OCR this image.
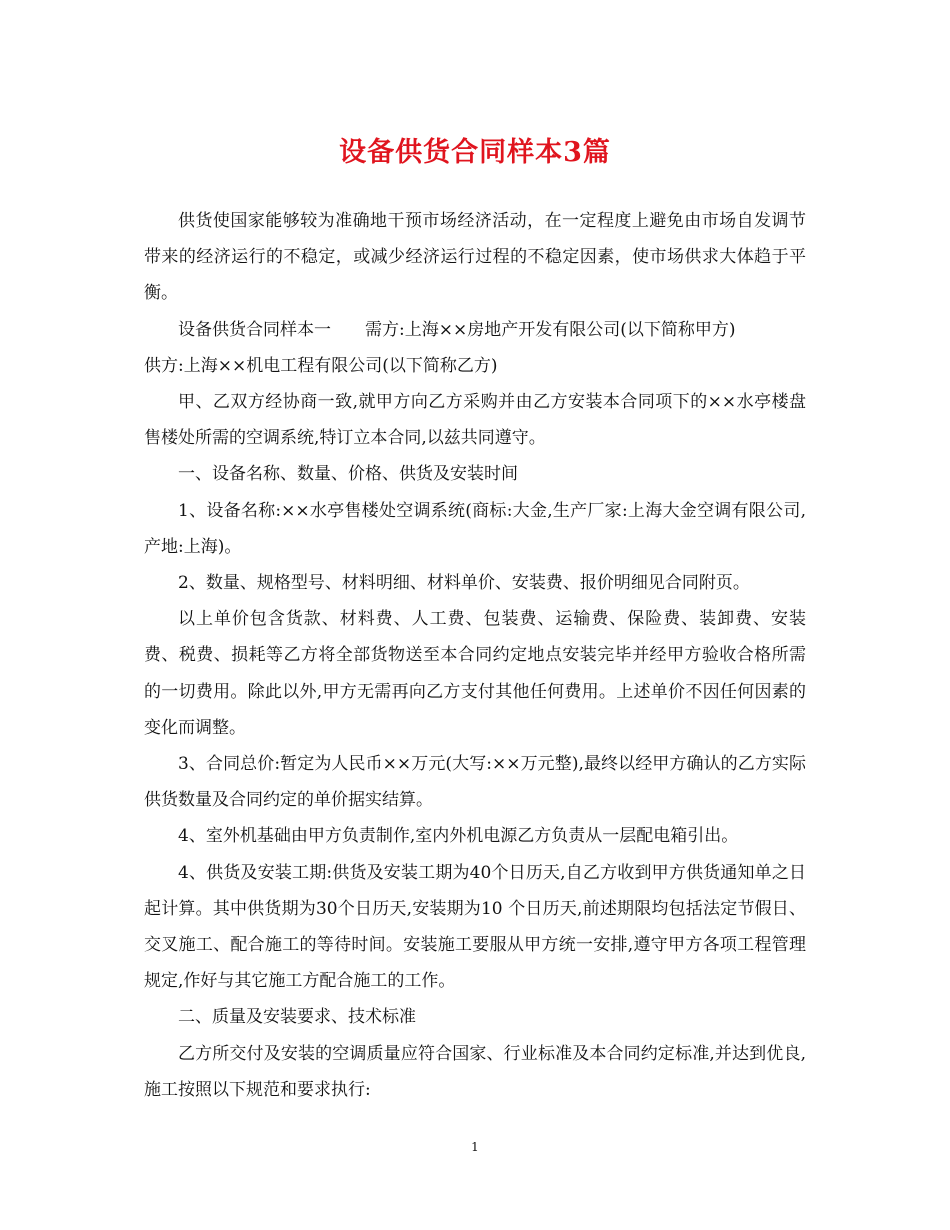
设备供货合同样本3篇

供货使国家能够较为准确地干预市场经济活动，在一定程度上避免由市场自发调节带来的经济运行的不稳定，或减少经济运行过程的不稳定因素，使市场供求大体趋于平衡。

设备供货合同样本一　　需方:上海××房地产开发有限公司(以下简称甲方)

供方:上海××机电工程有限公司(以下简称乙方)

甲、乙双方经协商一致,就甲方向乙方采购并由乙方安装本合同项下的××水亭楼盘售楼处所需的空调系统,特订立本合同,以兹共同遵守。

一、设备名称、数量、价格、供货及安装时间

1、设备名称:××水亭售楼处空调系统(商标:大金,生产厂家:上海大金空调有限公司,产地:上海)。

2、数量、规格型号、材料明细、材料单价、安装费、报价明细见合同附页。

以上单价包含货款、材料费、人工费、包装费、运输费、保险费、装卸费、安装费、税费、损耗等乙方将全部货物送至本合同约定地点安装完毕并经甲方验收合格所需的一切费用。除此以外,甲方无需再向乙方支付其他任何费用。上述单价不因任何因素的变化而调整。

3、合同总价:暂定为人民币××万元(大写:××万元整),最终以经甲方确认的乙方实际供货数量及合同约定的单价据实结算。

4、室外机基础由甲方负责制作,室内外机电源乙方负责从一层配电箱引出。

4、供货及安装工期:供货及安装工期为40个日历天,自乙方收到甲方供货通知单之日起计算。其中供货期为30个日历天,安装期为10 个日历天,前述期限均包括法定节假日、交叉施工、配合施工的等待时间。安装施工要服从甲方统一安排,遵守甲方各项工程管理规定,作好与其它施工方配合施工的工作。

二、质量及安装要求、技术标准

乙方所交付及安装的空调质量应符合国家、行业标准及本合同约定标准,并达到优良,施工按照以下规范和要求执行:

1
